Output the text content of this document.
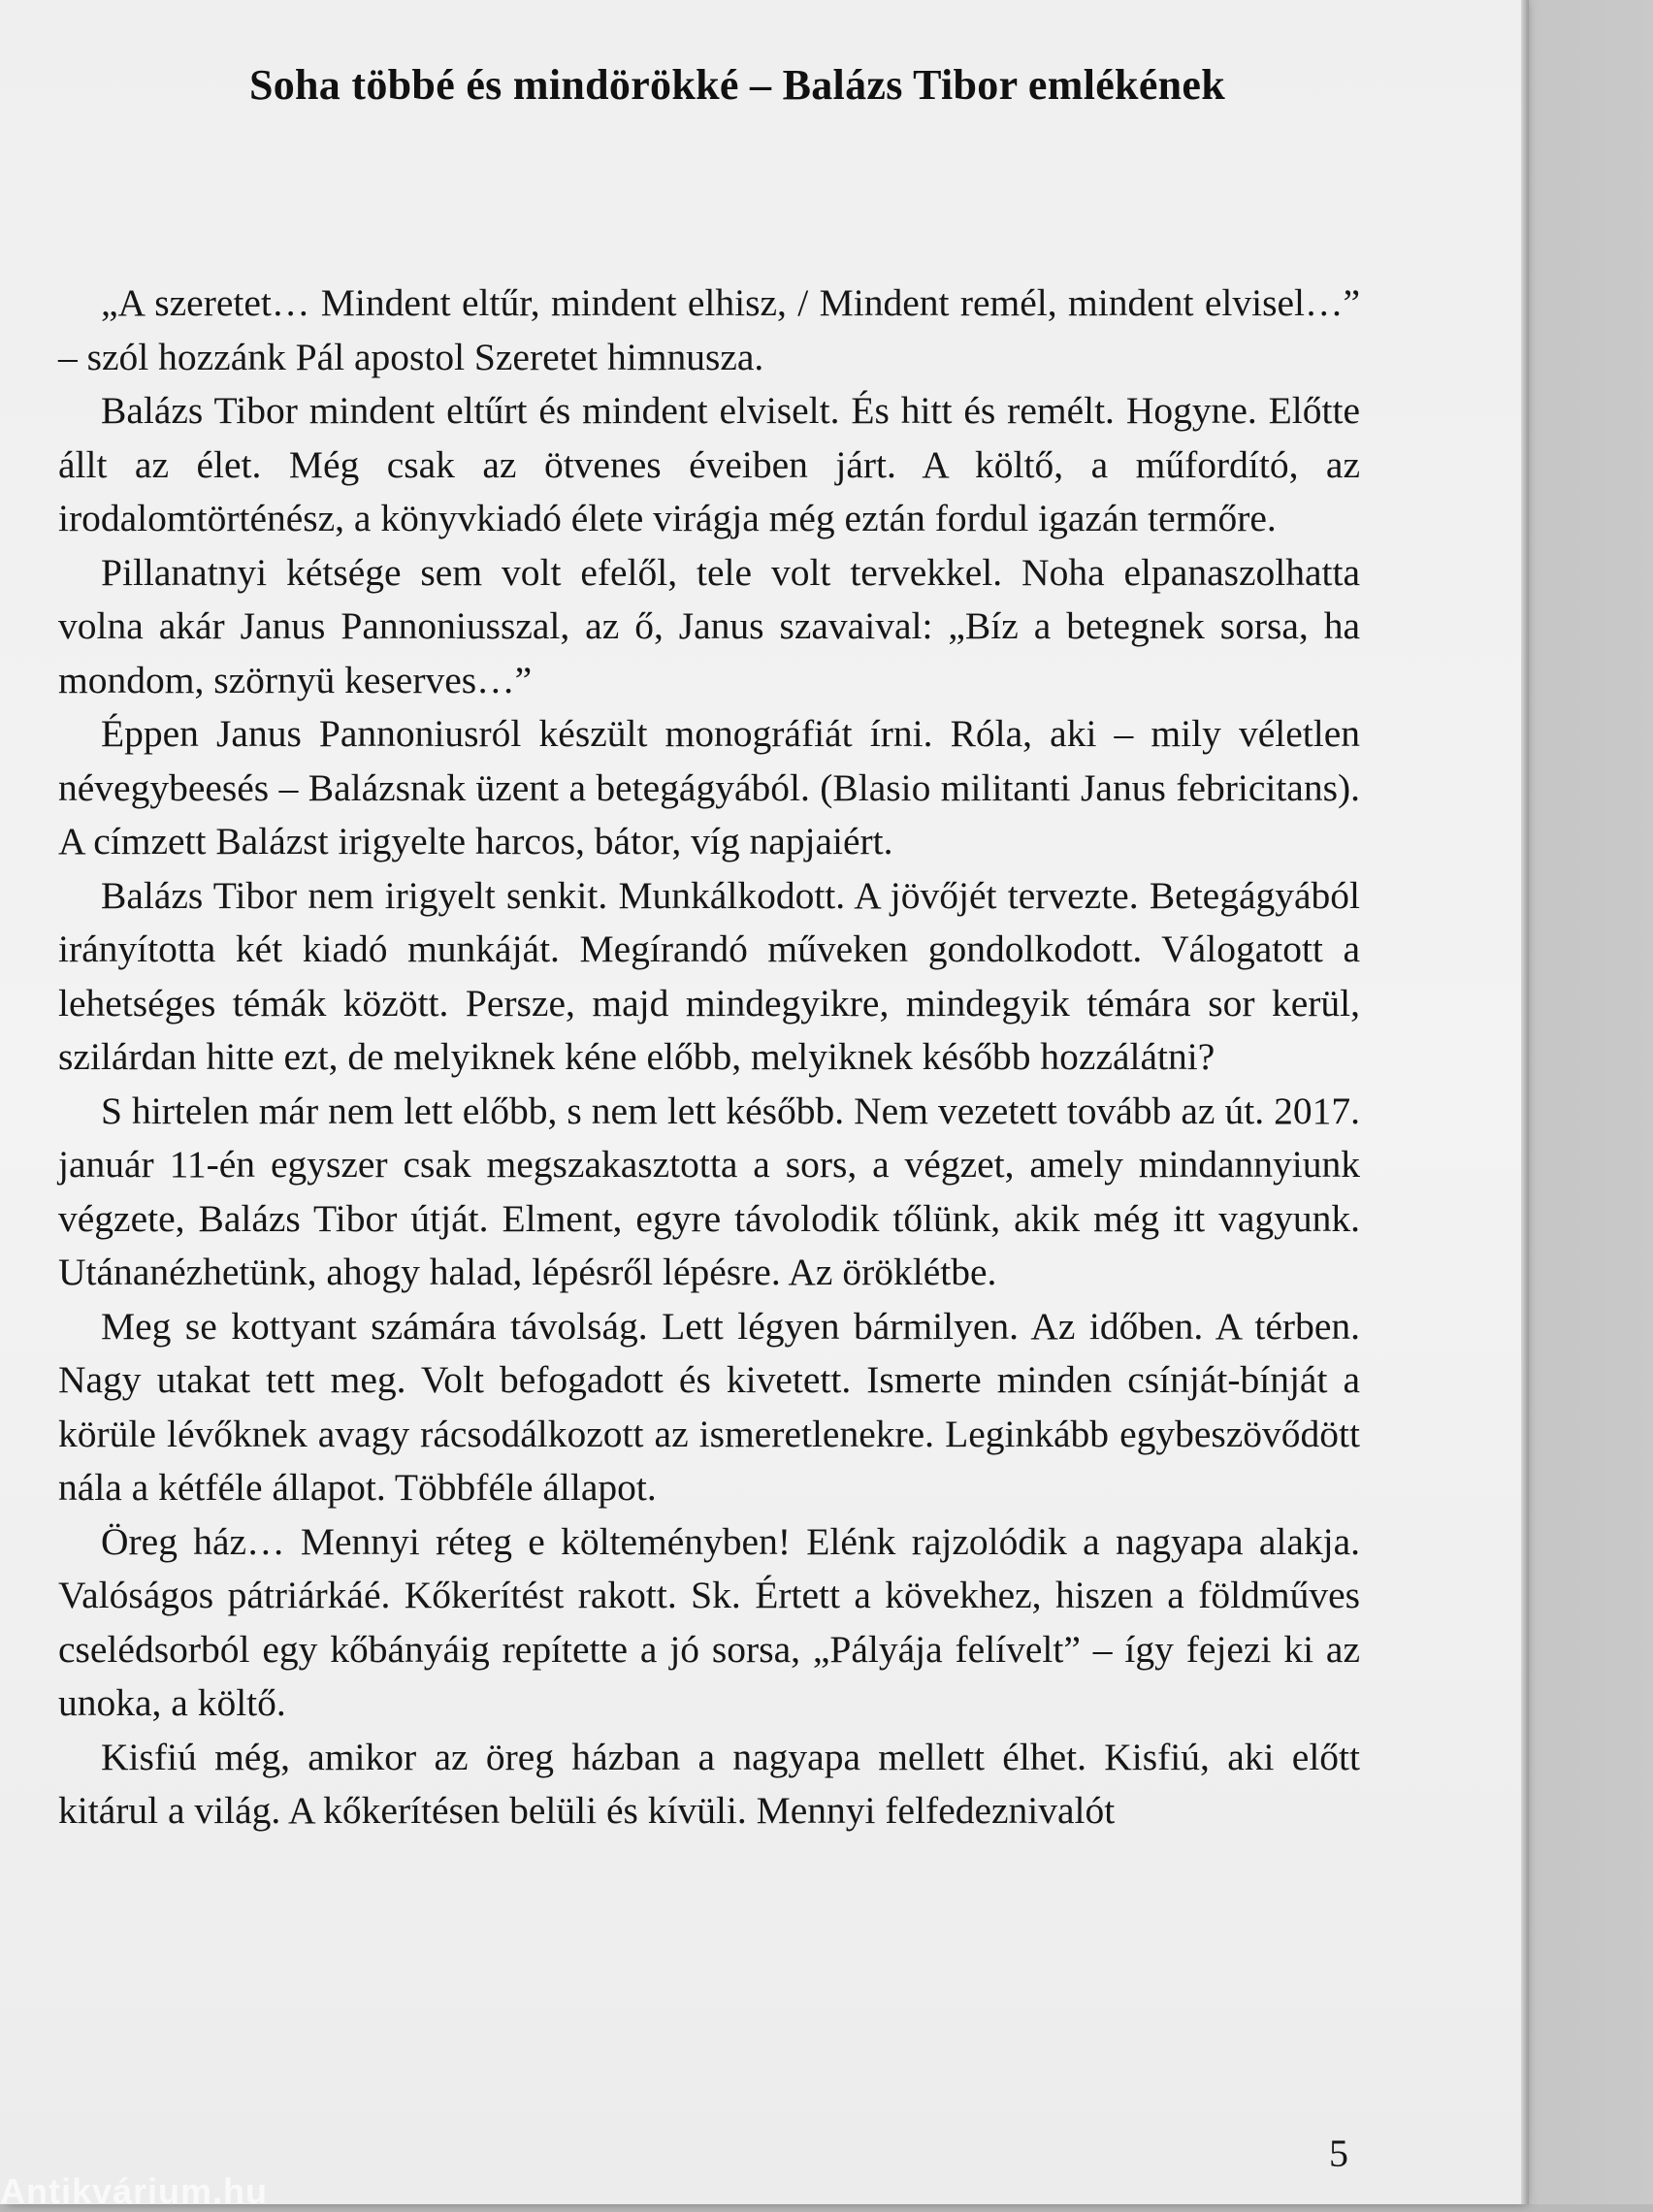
Soha többé és mindörökké – Balázs Tibor emlékének

„A szeretet… Mindent eltűr, mindent elhisz, / Mindent remél, mindent elvisel…” – szól hozzánk Pál apostol Szeretet himnusza.

Balázs Tibor mindent eltűrt és mindent elviselt. És hitt és remélt. Hogyne. Előtte állt az élet. Még csak az ötvenes éveiben járt. A költő, a műfordító, az irodalomtörténész, a könyvkiadó élete virágja még eztán fordul igazán termőre.

Pillanatnyi kétsége sem volt efelől, tele volt tervekkel. Noha elpanaszolhatta volna akár Janus Pannoniusszal, az ő, Janus szavaival: „Bíz a betegnek sorsa, ha mondom, szörnyü keserves…”

Éppen Janus Pannoniusról készült monográfiát írni. Róla, aki – mily véletlen névegybeesés – Balázsnak üzent a betegágyából. (Blasio militanti Janus febricitans). A címzett Balázst irigyelte harcos, bátor, víg napjaiért.

Balázs Tibor nem irigyelt senkit. Munkálkodott. A jövőjét tervezte. Betegágyából irányította két kiadó munkáját. Megírandó műveken gondolkodott. Válogatott a lehetséges témák között. Persze, majd mindegyikre, mindegyik témára sor kerül, szilárdan hitte ezt, de melyiknek kéne előbb, melyiknek később hozzálátni?

S hirtelen már nem lett előbb, s nem lett később. Nem vezetett tovább az út. 2017. január 11-én egyszer csak megszakasztotta a sors, a végzet, amely mindannyiunk végzete, Balázs Tibor útját. Elment, egyre távolodik tőlünk, akik még itt vagyunk. Utánanézhetünk, ahogy halad, lépésről lépésre. Az öröklétbe.

Meg se kottyant számára távolság. Lett légyen bármilyen. Az időben. A térben. Nagy utakat tett meg. Volt befogadott és kivetett. Ismerte minden csínját-bínját a körüle lévőknek avagy rácsodálkozott az ismeretlenekre. Leginkább egybeszövődött nála a kétféle állapot. Többféle állapot.

Öreg ház… Mennyi réteg e költeményben! Elénk rajzolódik a nagyapa alakja. Valóságos pátriárkáé. Kőkerítést rakott. Sk. Értett a kövekhez, hiszen a földműves cselédsorból egy kőbányáig repítette a jó sorsa, „Pályája felívelt” – így fejezi ki az unoka, a költő.

Kisfiú még, amikor az öreg házban a nagyapa mellett élhet. Kisfiú, aki előtt kitárul a világ. A kőkerítésen belüli és kívüli. Mennyi felfedeznivalót

5
Antikvárium.hu
